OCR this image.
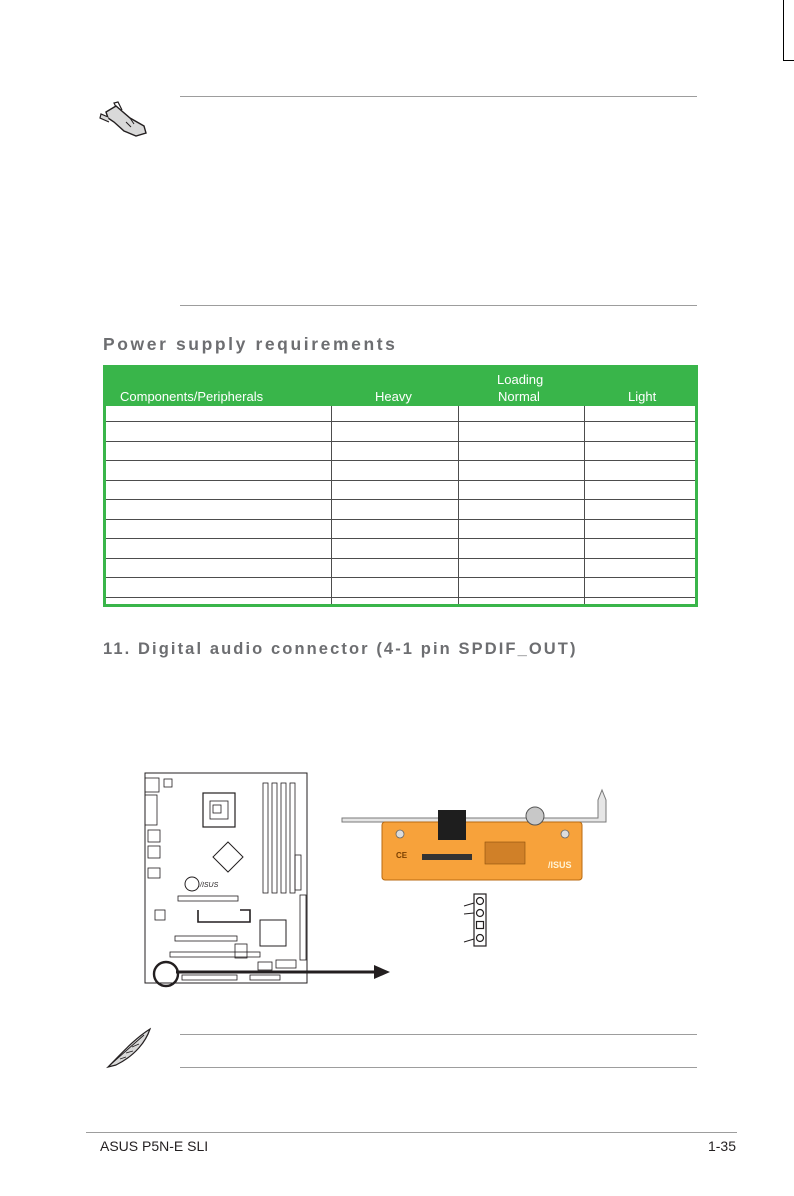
Power supply requirements
Loading
Components/Peripherals	Heavy	Normal	Light
11. Digital audio connector (4-1 pin SPDIF_OUT)
/ISUS
CE
/ISUS
ASUS P5N-E SLI	1-35
